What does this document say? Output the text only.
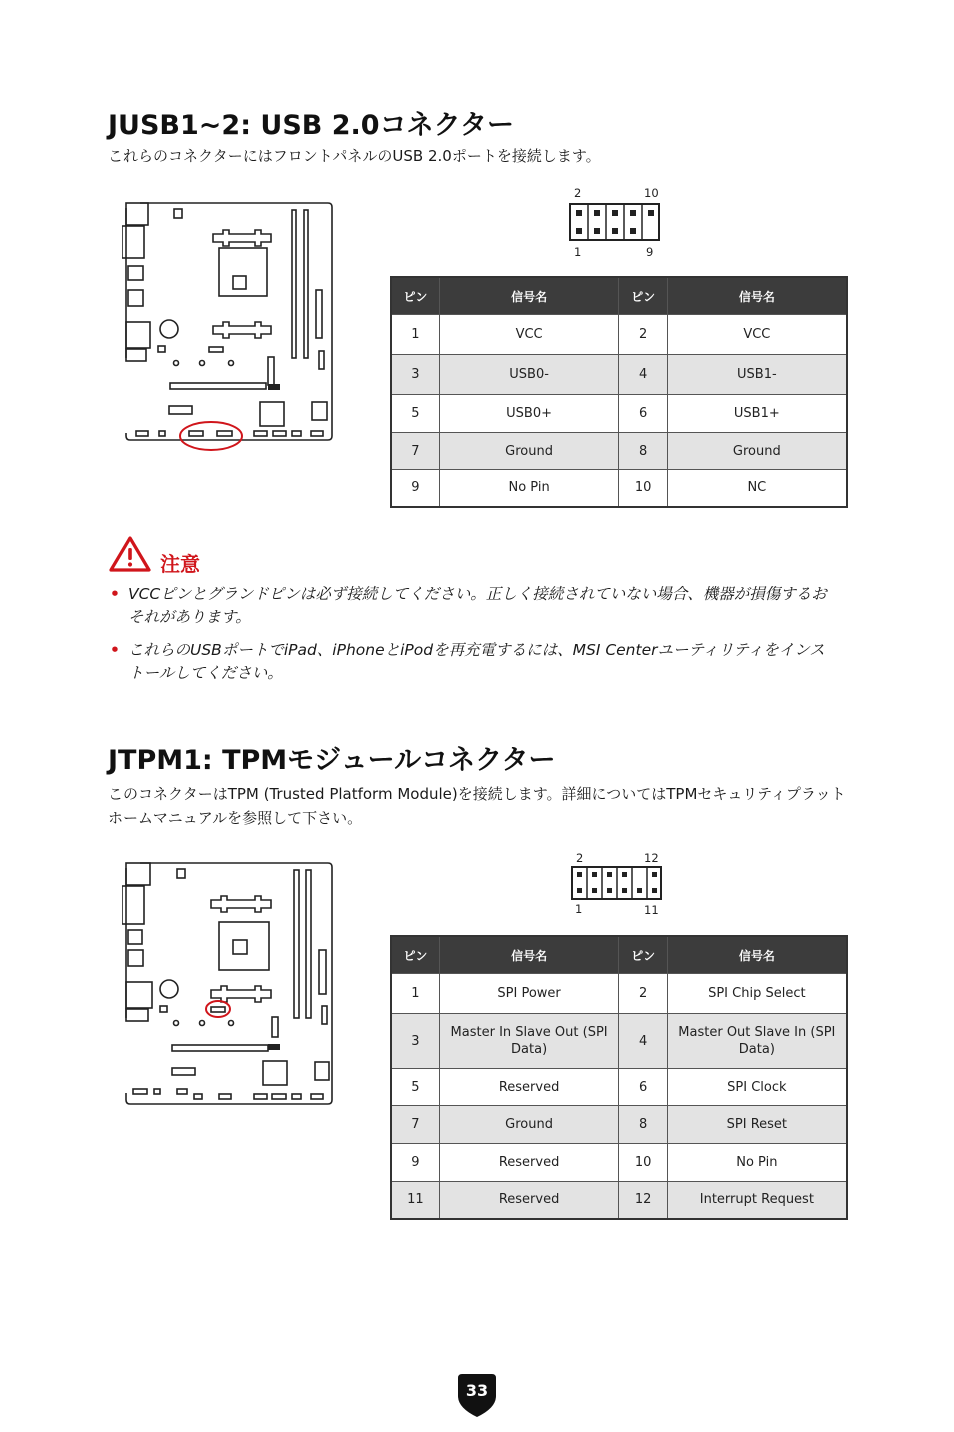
JUSB1~2: USB 2.0コネクター
これらのコネクターにはフロントパネルのUSB 2.0ポートを接続します。
2	10
1	9
ピン	信号名	ピン	信号名
1	VCC	2	VCC
3	USB0-	4	USB1-
5	USB0+	6	USB1+
7	Ground	8	Ground
9	No Pin	10	NC
注意
• VCCピンとグランドピンは必ず接続してください。正しく接続されていない場合、機器が損傷するおそれがあります。
• これらのUSBポートでiPad、iPhoneとiPodを再充電するには、MSI Centerユーティリティをインストールしてください。
JTPM1: TPMモジュールコネクター
このコネクターはTPM (Trusted Platform Module)を接続します。詳細についてはTPMセキュリティプラットホームマニュアルを参照して下さい。
2	12
1	11
ピン	信号名	ピン	信号名
1	SPI Power	2	SPI Chip Select
3	Master In Slave Out (SPI Data)	4	Master Out Slave In (SPI Data)
5	Reserved	6	SPI Clock
7	Ground	8	SPI Reset
9	Reserved	10	No Pin
11	Reserved	12	Interrupt Request
33
